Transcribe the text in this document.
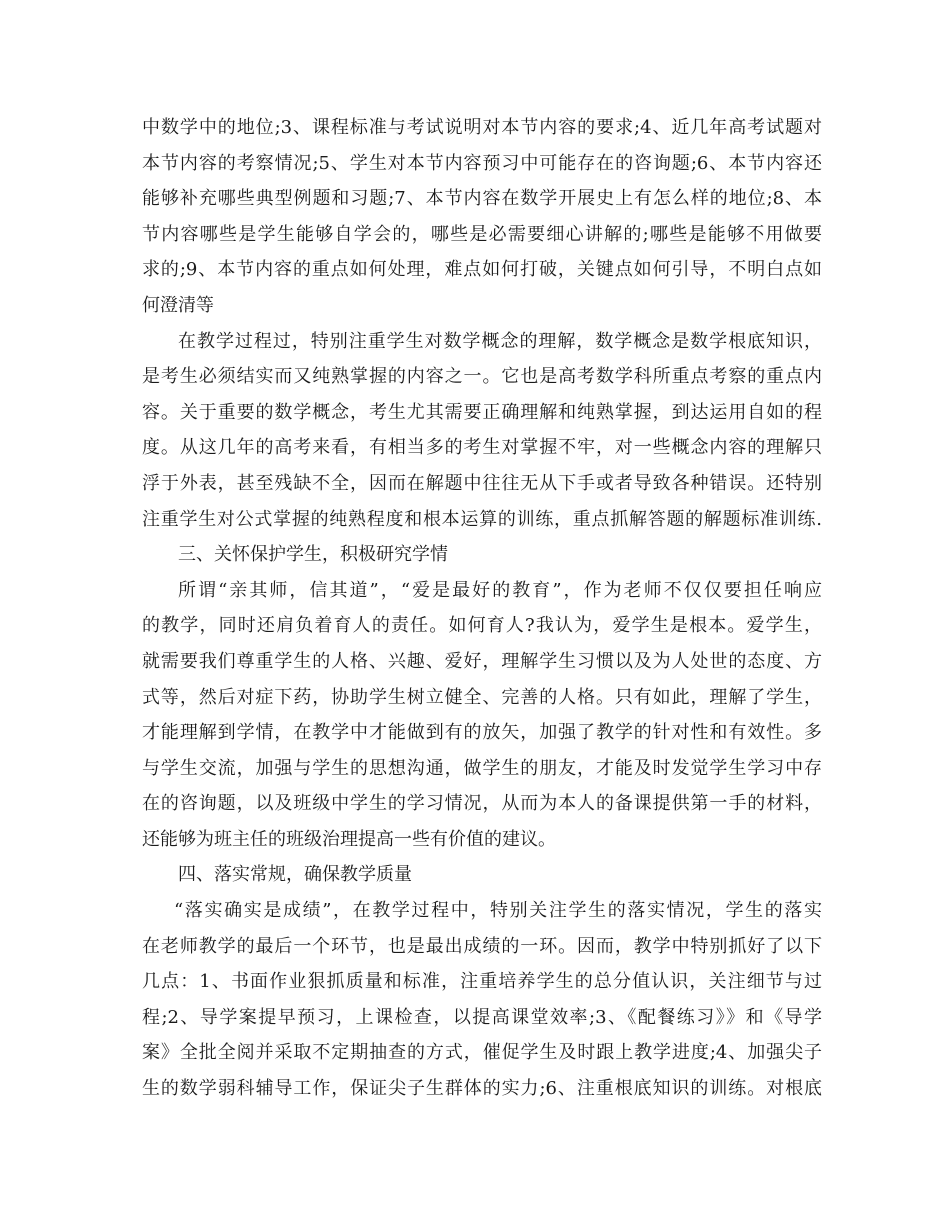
中数学中的地位;3、课程标准与考试说明对本节内容的要求;4、近几年高考试题对
本节内容的考察情况;5、学生对本节内容预习中可能存在的咨询题;6、本节内容还
能够补充哪些典型例题和习题;7、本节内容在数学开展史上有怎么样的地位;8、本
节内容哪些是学生能够自学会的，哪些是必需要细心讲解的;哪些是能够不用做要
求的;9、本节内容的重点如何处理，难点如何打破，关键点如何引导，不明白点如
何澄清等
在教学过程过，特别注重学生对数学概念的理解，数学概念是数学根底知识，
是考生必须结实而又纯熟掌握的内容之一。它也是高考数学科所重点考察的重点内
容。关于重要的数学概念，考生尤其需要正确理解和纯熟掌握，到达运用自如的程
度。从这几年的高考来看，有相当多的考生对掌握不牢，对一些概念内容的理解只
浮于外表，甚至残缺不全，因而在解题中往往无从下手或者导致各种错误。还特别
注重学生对公式掌握的纯熟程度和根本运算的训练，重点抓解答题的解题标准训练.
三、关怀保护学生，积极研究学情
所谓“亲其师，信其道”，“爱是最好的教育”，作为老师不仅仅要担任响应
的教学，同时还肩负着育人的责任。如何育人?我认为，爱学生是根本。爱学生，
就需要我们尊重学生的人格、兴趣、爱好，理解学生习惯以及为人处世的态度、方
式等，然后对症下药，协助学生树立健全、完善的人格。只有如此，理解了学生，
才能理解到学情，在教学中才能做到有的放矢，加强了教学的针对性和有效性。多
与学生交流，加强与学生的思想沟通，做学生的朋友，才能及时发觉学生学习中存
在的咨询题，以及班级中学生的学习情况，从而为本人的备课提供第一手的材料，
还能够为班主任的班级治理提高一些有价值的建议。
四、落实常规，确保教学质量
“落实确实是成绩”，在教学过程中，特别关注学生的落实情况，学生的落实
在老师教学的最后一个环节，也是最出成绩的一环。因而，教学中特别抓好了以下
几点：1、书面作业狠抓质量和标准，注重培养学生的总分值认识，关注细节与过
程;2、导学案提早预习，上课检查，以提高课堂效率;3、《配餐练习》》和《导学
案》全批全阅并采取不定期抽查的方式，催促学生及时跟上教学进度;4、加强尖子
生的数学弱科辅导工作，保证尖子生群体的实力;6、注重根底知识的训练。对根底
